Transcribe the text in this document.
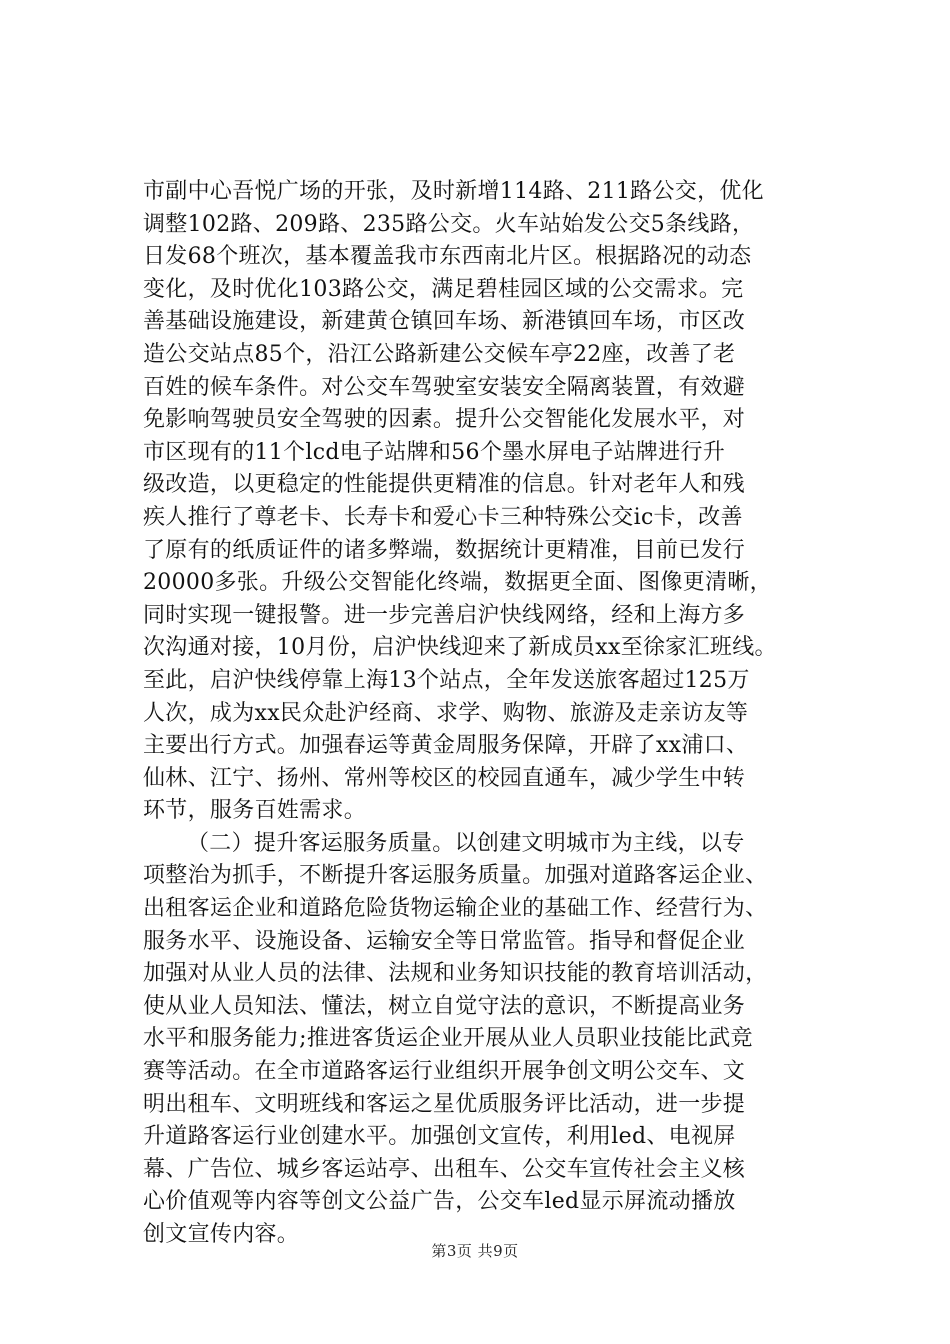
市副中心吾悦广场的开张，及时新增114路、211路公交，优化
调整102路、209路、235路公交。火车站始发公交5条线路，
日发68个班次，基本覆盖我市东西南北片区。根据路况的动态
变化，及时优化103路公交，满足碧桂园区域的公交需求。完
善基础设施建设，新建黄仓镇回车场、新港镇回车场，市区改
造公交站点85个，沿江公路新建公交候车亭22座，改善了老
百姓的候车条件。对公交车驾驶室安装安全隔离装置，有效避
免影响驾驶员安全驾驶的因素。提升公交智能化发展水平，对
市区现有的11个lcd电子站牌和56个墨水屏电子站牌进行升
级改造，以更稳定的性能提供更精准的信息。针对老年人和残
疾人推行了尊老卡、长寿卡和爱心卡三种特殊公交ic卡，改善
了原有的纸质证件的诸多弊端，数据统计更精准，目前已发行
20000多张。升级公交智能化终端，数据更全面、图像更清晰，
同时实现一键报警。进一步完善启沪快线网络，经和上海方多
次沟通对接，10月份，启沪快线迎来了新成员xx至徐家汇班线。
至此，启沪快线停靠上海13个站点，全年发送旅客超过125万
人次，成为xx民众赴沪经商、求学、购物、旅游及走亲访友等
主要出行方式。加强春运等黄金周服务保障，开辟了xx浦口、
仙林、江宁、扬州、常州等校区的校园直通车，减少学生中转
环节，服务百姓需求。
（二）提升客运服务质量。以创建文明城市为主线，以专
项整治为抓手，不断提升客运服务质量。加强对道路客运企业、
出租客运企业和道路危险货物运输企业的基础工作、经营行为、
服务水平、设施设备、运输安全等日常监管。指导和督促企业
加强对从业人员的法律、法规和业务知识技能的教育培训活动，
使从业人员知法、懂法，树立自觉守法的意识，不断提高业务
水平和服务能力;推进客货运企业开展从业人员职业技能比武竞
赛等活动。在全市道路客运行业组织开展争创文明公交车、文
明出租车、文明班线和客运之星优质服务评比活动，进一步提
升道路客运行业创建水平。加强创文宣传，利用led、电视屏
幕、广告位、城乡客运站亭、出租车、公交车宣传社会主义核
心价值观等内容等创文公益广告，公交车led显示屏流动播放
创文宣传内容。
第3页 共9页
